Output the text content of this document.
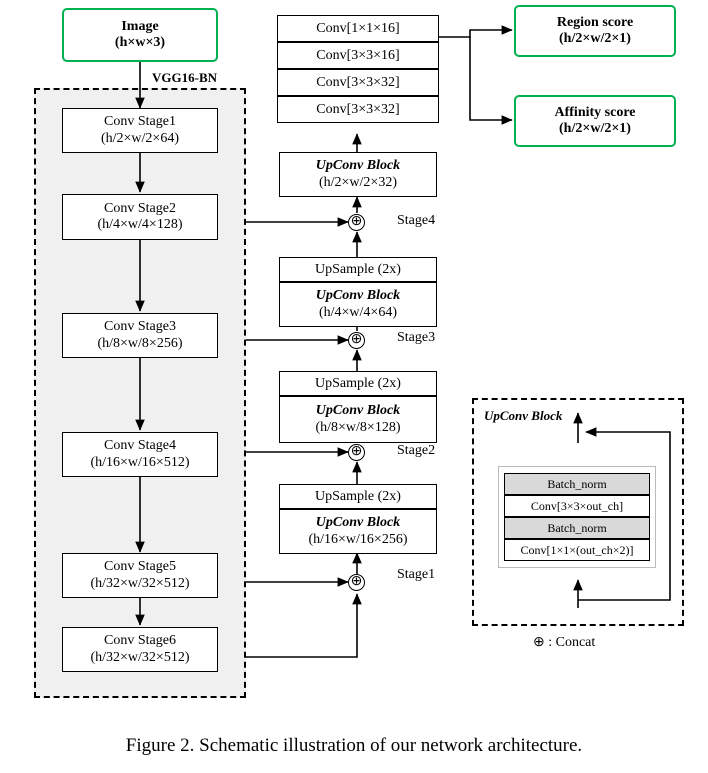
VGG16-BN
UpConv Block
Image
(h×w×3)
Conv Stage1
(h/2×w/2×64)
Conv Stage2
(h/4×w/4×128)
Conv Stage3
(h/8×w/8×256)
Conv Stage4
(h/16×w/16×512)
Conv Stage5
(h/32×w/32×512)
Conv Stage6
(h/32×w/32×512)
Conv[1×1×16]
Conv[3×3×16]
Conv[3×3×32]
Conv[3×3×32]
Region score
(h/2×w/2×1)
Affinity score
(h/2×w/2×1)
UpConv Block
(h/2×w/2×32)
⊕ Stage4
UpSample (2x)
UpConv Block
(h/4×w/4×64)
⊕ Stage3
UpSample (2x)
UpConv Block
(h/8×w/8×128)
⊕ Stage2
UpSample (2x)
UpConv Block
(h/16×w/16×256)
⊕ Stage1
Batch_norm
Conv[3×3×out_ch]
Batch_norm
Conv[1×1×(out_ch×2)]
⊕ : Concat
Figure 2. Schematic illustration of our network architecture.
